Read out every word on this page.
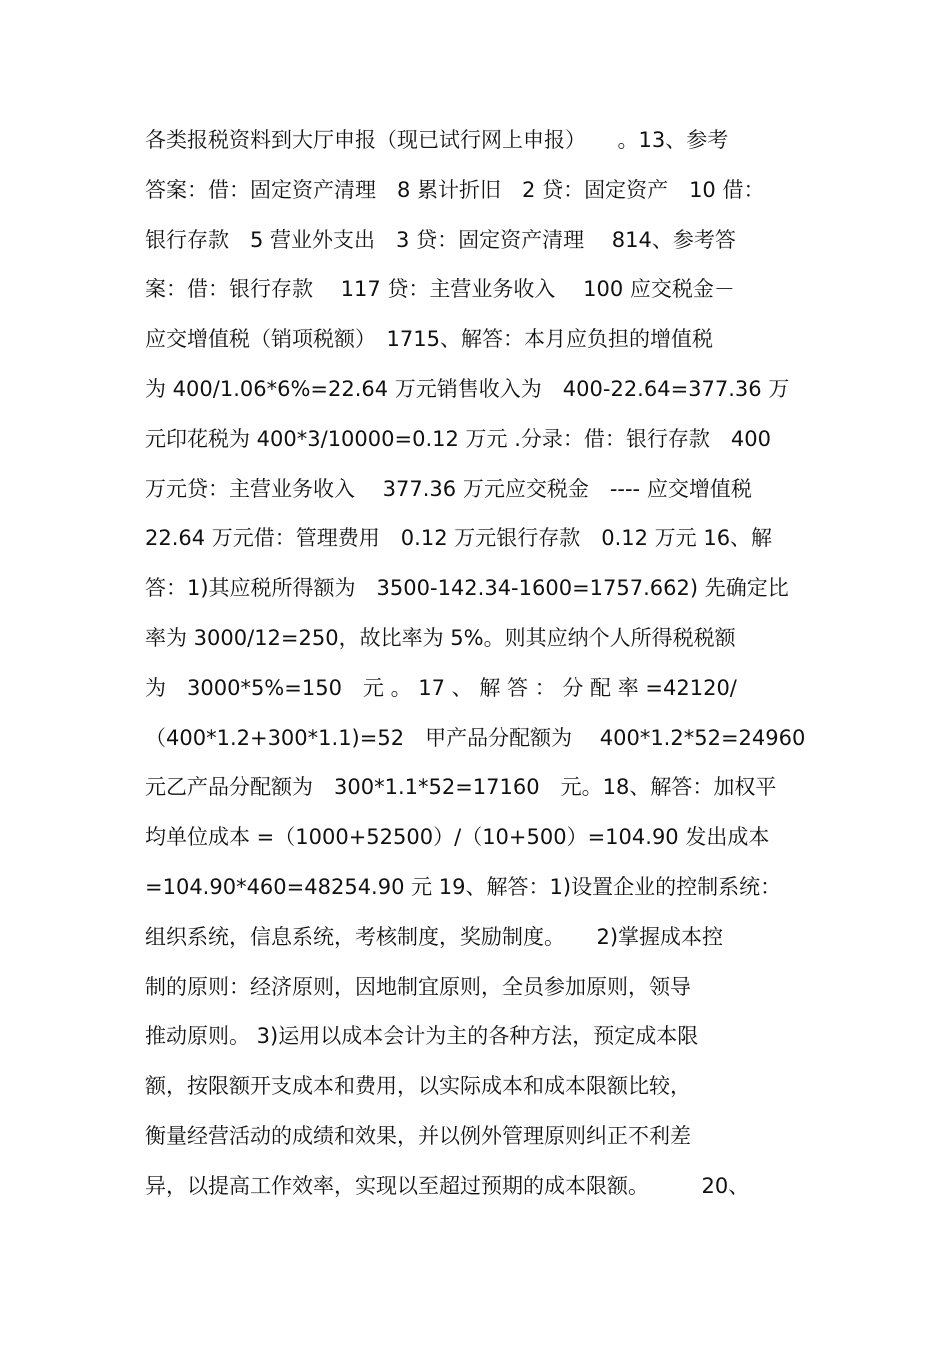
各类报税资料到大厅申报（现已试行网上申报）　　。13、参考
答案：借：固定资产清理　8 累计折旧　2 贷：固定资产　10 借：
银行存款　5 营业外支出　3 贷：固定资产清理　 814、参考答
案：借：银行存款　 117 贷：主营业务收入　 100 应交税金－
应交增值税（销项税额）　1715、解答：本月应负担的增值税
为 400/1.06*6%=22.64 万元销售收入为　400-22.64=377.36 万
元印花税为 400*3/10000=0.12 万元 .分录：借：银行存款　400
万元贷：主营业务收入　 377.36 万元应交税金　---- 应交增值税
22.64 万元借：管理费用　0.12 万元银行存款　0.12 万元 16、解
答：1)其应税所得额为　3500-142.34-1600=1757.662) 先确定比
率为 3000/12=250，故比率为 5%。则其应纳个人所得税税额
为　3000*5%=150　元 。 17 、 解 答 ： 分 配 率 =42120/
（400*1.2+300*1.1)=52　甲产品分配额为　 400*1.2*52=24960
元乙产品分配额为　300*1.1*52=17160　元。18、解答：加权平
均单位成本 =（1000+52500）/（10+500）=104.90 发出成本
=104.90*460=48254.90 元 19、解答：1)设置企业的控制系统：
组织系统，信息系统，考核制度，奖励制度。　　2)掌握成本控
制的原则：经济原则，因地制宜原则，全员参加原则，领导
推动原则。 3)运用以成本会计为主的各种方法，预定成本限
额，按限额开支成本和费用，以实际成本和成本限额比较，
衡量经营活动的成绩和效果，并以例外管理原则纠正不利差
异，以提高工作效率，实现以至超过预期的成本限额。　　　20、
